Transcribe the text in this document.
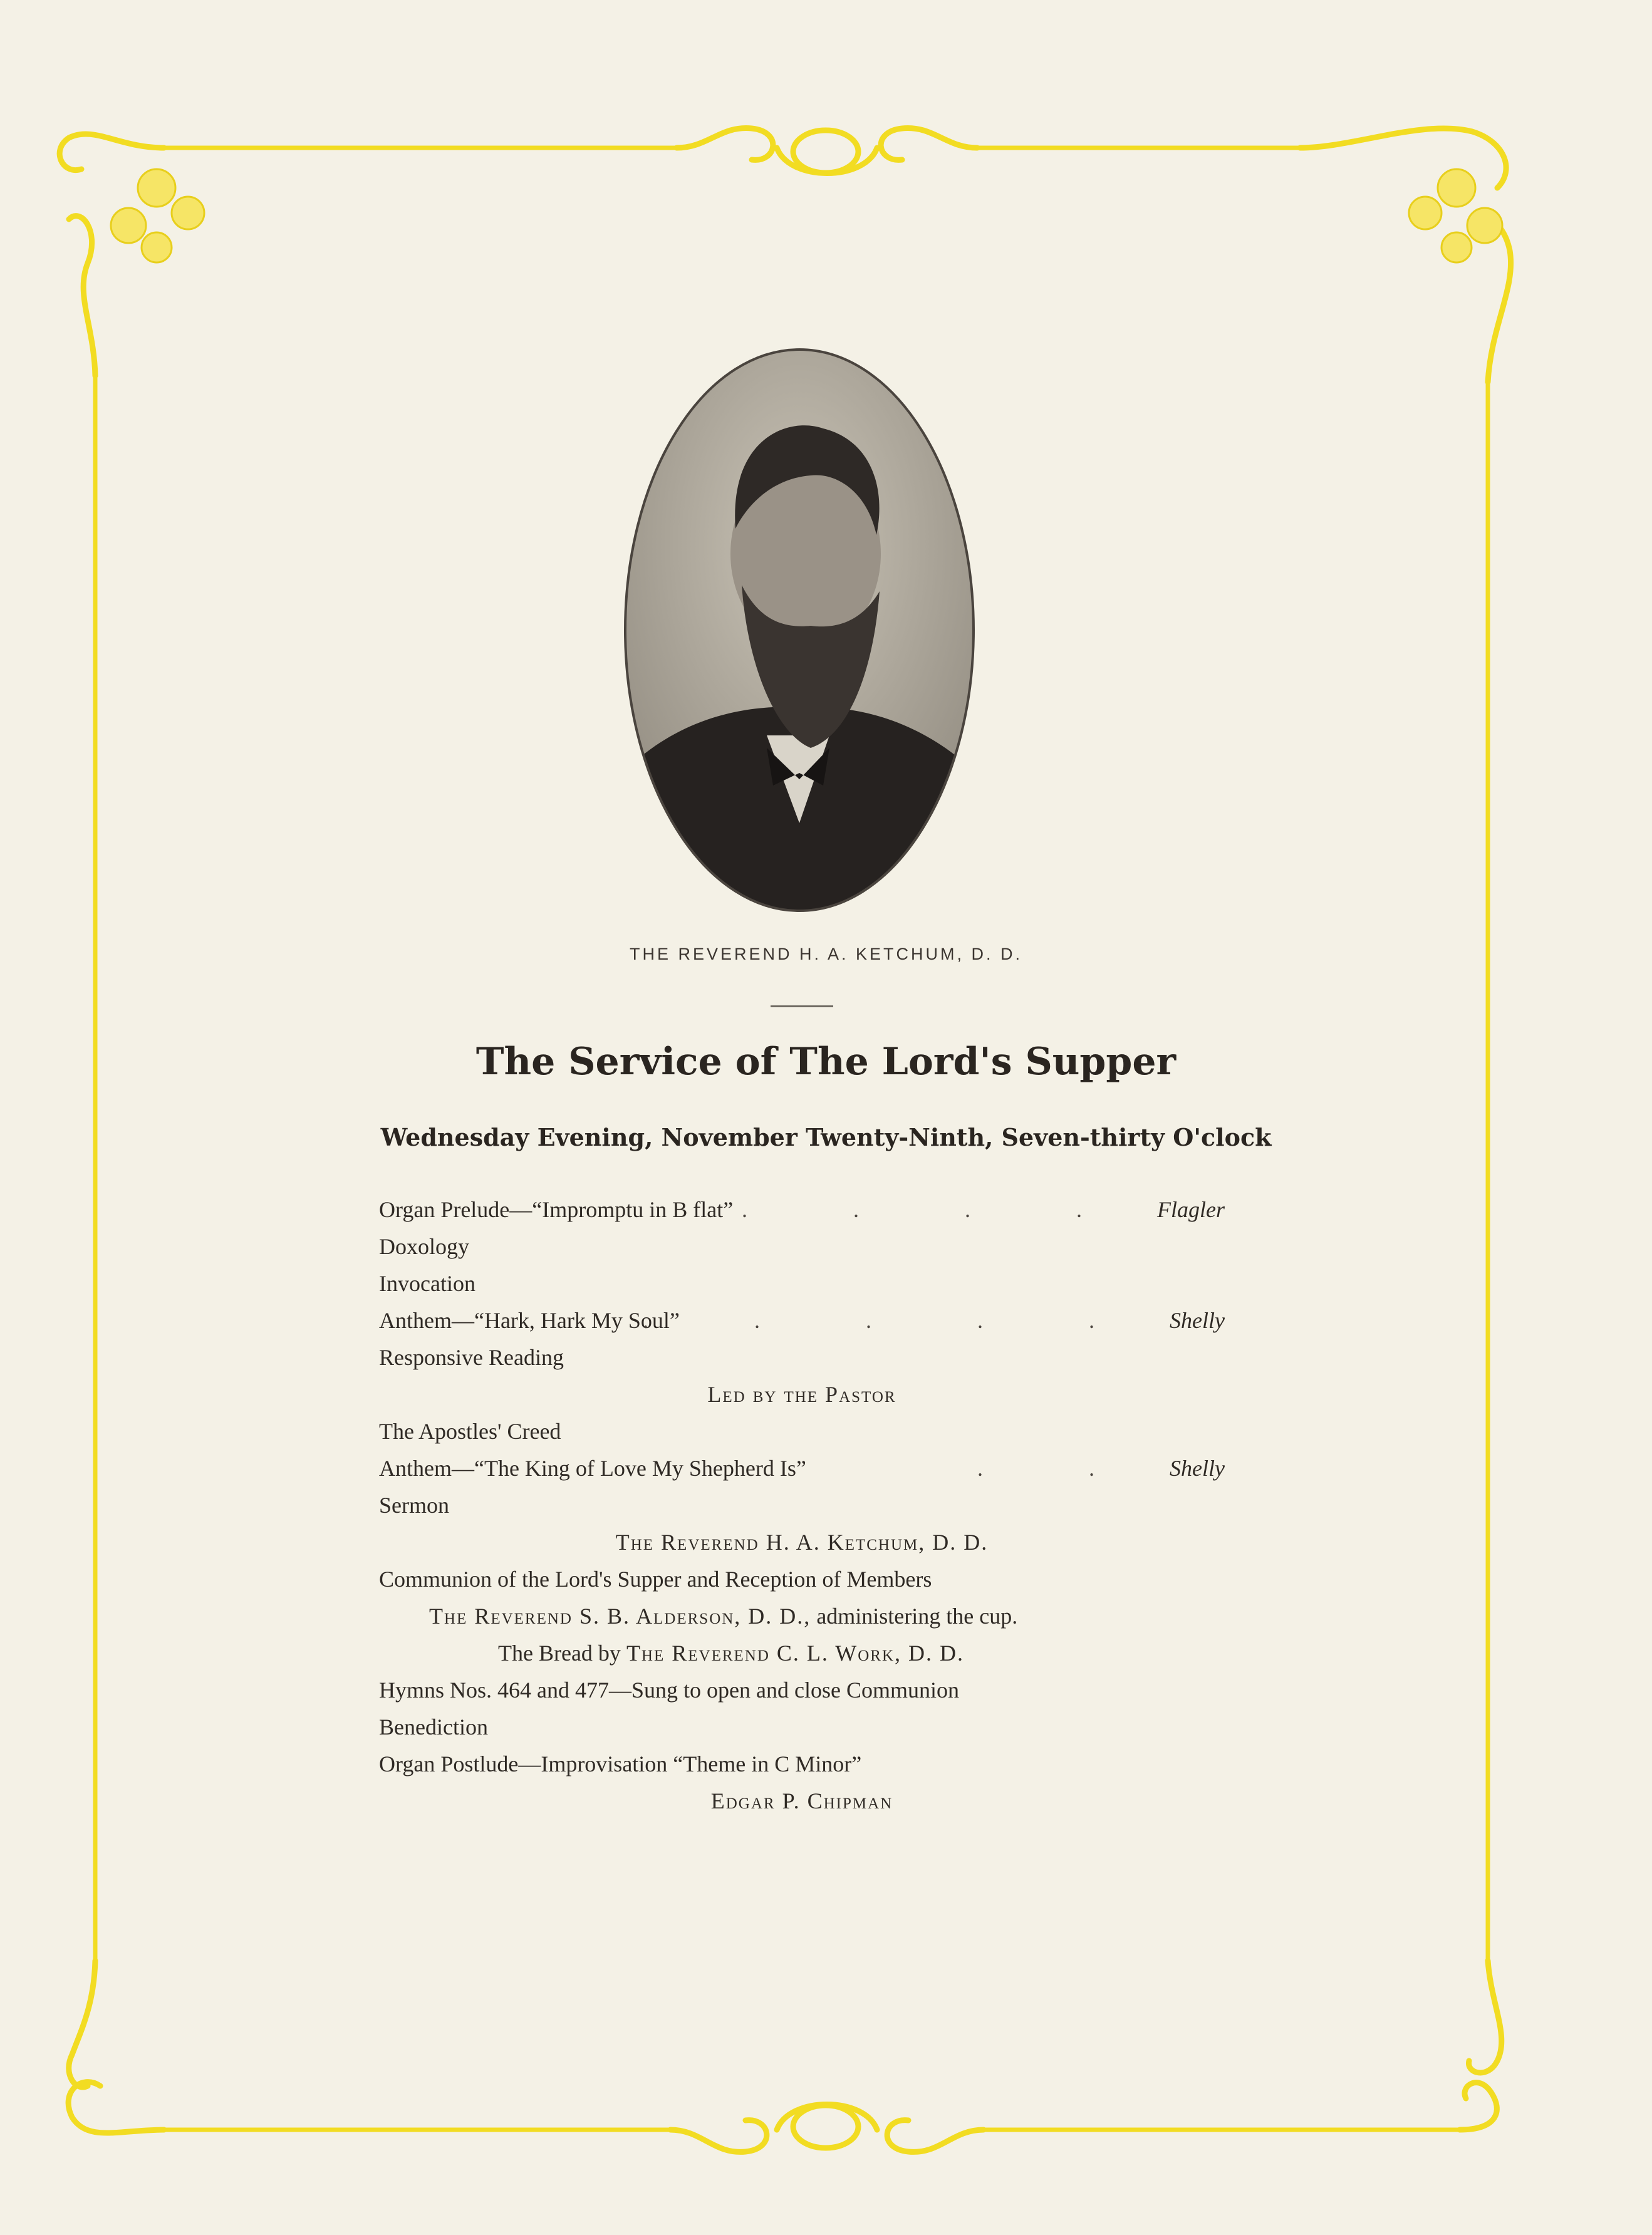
THE REVEREND H. A. KETCHUM, D. D.
The Service of The Lord's Supper
Wednesday Evening, November Twenty-Ninth, Seven-thirty O'clock
Organ Prelude—“Impromptu in B flat” . . . . Flagler
Doxology
Invocation
Anthem—“Hark, Hark My Soul”
. . . . . Shelly
Responsive Reading
Led by the Pastor
The Apostles' Creed
Anthem—“The King of Love My Shepherd Is”	. . Shelly
Sermon
The Reverend H. A. Ketchum, D. D.
Communion of the Lord's Supper and Reception of Members
The Reverend S. B. Alderson, D. D., administering the cup.
The Bread by The Reverend C. L. Work, D. D.
Hymns Nos. 464 and 477—Sung to open and close Communion
Benediction
Organ Postlude—Improvisation “Theme in C Minor”
Edgar P. Chipman
